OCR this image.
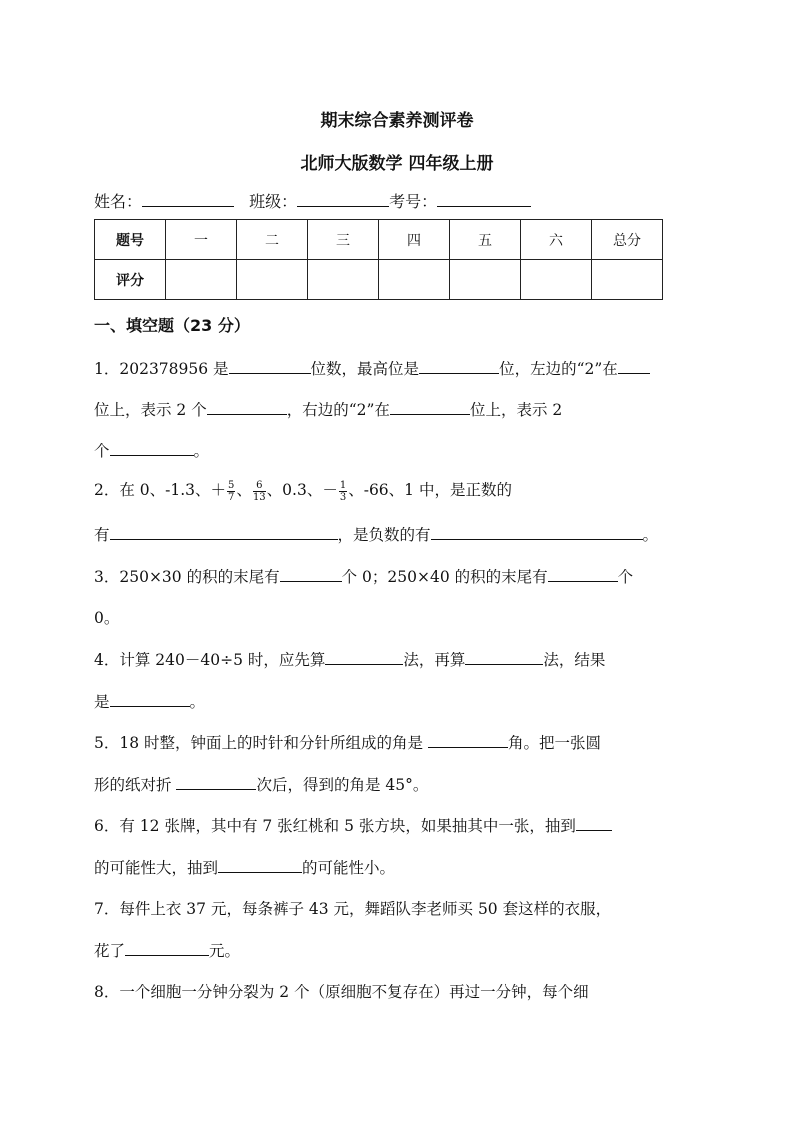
期末综合素养测评卷
北师大版数学 四年级上册
姓名：	班级：	考号：
题号	一	二	三	四	五	六	总分
评分							
一、填空题（23 分）
1．202378956 是	位数，最高位是	位，左边的“2”在
位上，表示 2 个	，右边的“2”在	位上，表示 2
个	。
2．在 0、-1.3、＋ $\frac{5}{7}$ 、 $\frac{6}{13}$ 、0.3、－ $\frac{1}{3}$ 、-66、1 中，是正数的
有	，是负数的有	。
3．250×30 的积的末尾有	个 0；250×40 的积的末尾有	个
0。
4．计算 240－40÷5 时，应先算	法，再算	法，结果
是	。
5．18 时整，钟面上的时针和分针所组成的角是	角。把一张圆
形的纸对折	次后，得到的角是 45°。
6．有 12 张牌，其中有 7 张红桃和 5 张方块，如果抽其中一张，抽到
的可能性大，抽到	的可能性小。
7．每件上衣 37 元，每条裤子 43 元，舞蹈队李老师买 50 套这样的衣服，
花了	元。
8．一个细胞一分钟分裂为 2 个（原细胞不复存在）再过一分钟，每个细
